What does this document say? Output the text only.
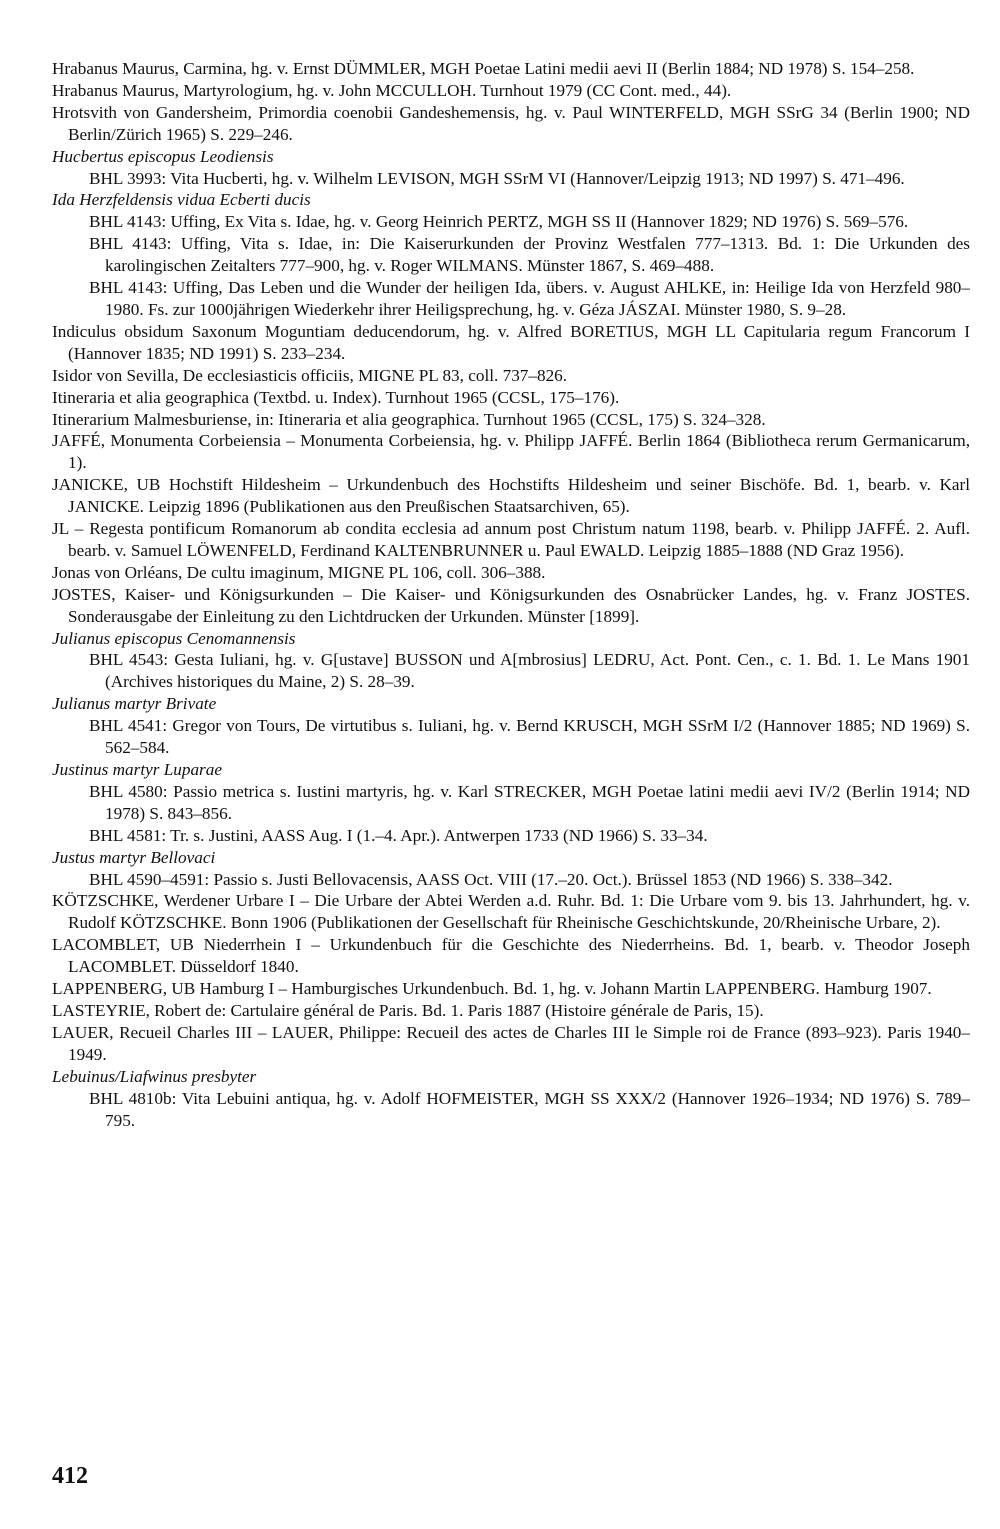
Hrabanus Maurus, Carmina, hg. v. Ernst DÜMMLER, MGH Poetae Latini medii aevi II (Berlin 1884; ND 1978) S. 154–258.
Hrabanus Maurus, Martyrologium, hg. v. John MCCULLOH. Turnhout 1979 (CC Cont. med., 44).
Hrotsvith von Gandersheim, Primordia coenobii Gandeshemensis, hg. v. Paul WINTERFELD, MGH SSrG 34 (Berlin 1900; ND Berlin/Zürich 1965) S. 229–246.
Hucbertus episcopus Leodiensis
BHL 3993: Vita Hucberti, hg. v. Wilhelm LEVISON, MGH SSrM VI (Hannover/Leipzig 1913; ND 1997) S. 471–496.
Ida Herzfeldensis vidua Ecberti ducis
BHL 4143: Uffing, Ex Vita s. Idae, hg. v. Georg Heinrich PERTZ, MGH SS II (Hannover 1829; ND 1976) S. 569–576.
BHL 4143: Uffing, Vita s. Idae, in: Die Kaiserurkunden der Provinz Westfalen 777–1313. Bd. 1: Die Urkunden des karolingischen Zeitalters 777–900, hg. v. Roger WILMANS. Münster 1867, S. 469–488.
BHL 4143: Uffing, Das Leben und die Wunder der heiligen Ida, übers. v. August AHLKE, in: Heilige Ida von Herzfeld 980–1980. Fs. zur 1000jährigen Wiederkehr ihrer Heiligsprechung, hg. v. Géza JÁSZAI. Münster 1980, S. 9–28.
Indiculus obsidum Saxonum Moguntiam deducendorum, hg. v. Alfred BORETIUS, MGH LL Capitularia regum Francorum I (Hannover 1835; ND 1991) S. 233–234.
Isidor von Sevilla, De ecclesiasticis officiis, MIGNE PL 83, coll. 737–826.
Itineraria et alia geographica (Textbd. u. Index). Turnhout 1965 (CCSL, 175–176).
Itinerarium Malmesburiense, in: Itineraria et alia geographica. Turnhout 1965 (CCSL, 175) S. 324–328.
JAFFÉ, Monumenta Corbeiensia – Monumenta Corbeiensia, hg. v. Philipp JAFFÉ. Berlin 1864 (Bibliotheca rerum Germanicarum, 1).
JANICKE, UB Hochstift Hildesheim – Urkundenbuch des Hochstifts Hildesheim und seiner Bischöfe. Bd. 1, bearb. v. Karl JANICKE. Leipzig 1896 (Publikationen aus den Preußischen Staatsarchiven, 65).
JL – Regesta pontificum Romanorum ab condita ecclesia ad annum post Christum natum 1198, bearb. v. Philipp JAFFÉ. 2. Aufl. bearb. v. Samuel LÖWENFELD, Ferdinand KALTENBRUNNER u. Paul EWALD. Leipzig 1885–1888 (ND Graz 1956).
Jonas von Orléans, De cultu imaginum, MIGNE PL 106, coll. 306–388.
JOSTES, Kaiser- und Königsurkunden – Die Kaiser- und Königsurkunden des Osnabrücker Landes, hg. v. Franz JOSTES. Sonderausgabe der Einleitung zu den Lichtdrucken der Urkunden. Münster [1899].
Julianus episcopus Cenomannensis
BHL 4543: Gesta Iuliani, hg. v. G[ustave] BUSSON und A[mbrosius] LEDRU, Act. Pont. Cen., c. 1. Bd. 1. Le Mans 1901 (Archives historiques du Maine, 2) S. 28–39.
Julianus martyr Brivate
BHL 4541: Gregor von Tours, De virtutibus s. Iuliani, hg. v. Bernd KRUSCH, MGH SSrM I/2 (Hannover 1885; ND 1969) S. 562–584.
Justinus martyr Luparae
BHL 4580: Passio metrica s. Iustini martyris, hg. v. Karl STRECKER, MGH Poetae latini medii aevi IV/2 (Berlin 1914; ND 1978) S. 843–856.
BHL 4581: Tr. s. Justini, AASS Aug. I (1.–4. Apr.). Antwerpen 1733 (ND 1966) S. 33–34.
Justus martyr Bellovaci
BHL 4590–4591: Passio s. Justi Bellovacensis, AASS Oct. VIII (17.–20. Oct.). Brüssel 1853 (ND 1966) S. 338–342.
KÖTZSCHKE, Werdener Urbare I – Die Urbare der Abtei Werden a.d. Ruhr. Bd. 1: Die Urbare vom 9. bis 13. Jahrhundert, hg. v. Rudolf KÖTZSCHKE. Bonn 1906 (Publikationen der Gesellschaft für Rheinische Geschichtskunde, 20/Rheinische Urbare, 2).
LACOMBLET, UB Niederrhein I – Urkundenbuch für die Geschichte des Niederrheins. Bd. 1, bearb. v. Theodor Joseph LACOMBLET. Düsseldorf 1840.
LAPPENBERG, UB Hamburg I – Hamburgisches Urkundenbuch. Bd. 1, hg. v. Johann Martin LAPPENBERG. Hamburg 1907.
LASTEYRIE, Robert de: Cartulaire général de Paris. Bd. 1. Paris 1887 (Histoire générale de Paris, 15).
LAUER, Recueil Charles III – LAUER, Philippe: Recueil des actes de Charles III le Simple roi de France (893–923). Paris 1940–1949.
Lebuinus/Liafwinus presbyter
BHL 4810b: Vita Lebuini antiqua, hg. v. Adolf HOFMEISTER, MGH SS XXX/2 (Hannover 1926–1934; ND 1976) S. 789–795.
412
